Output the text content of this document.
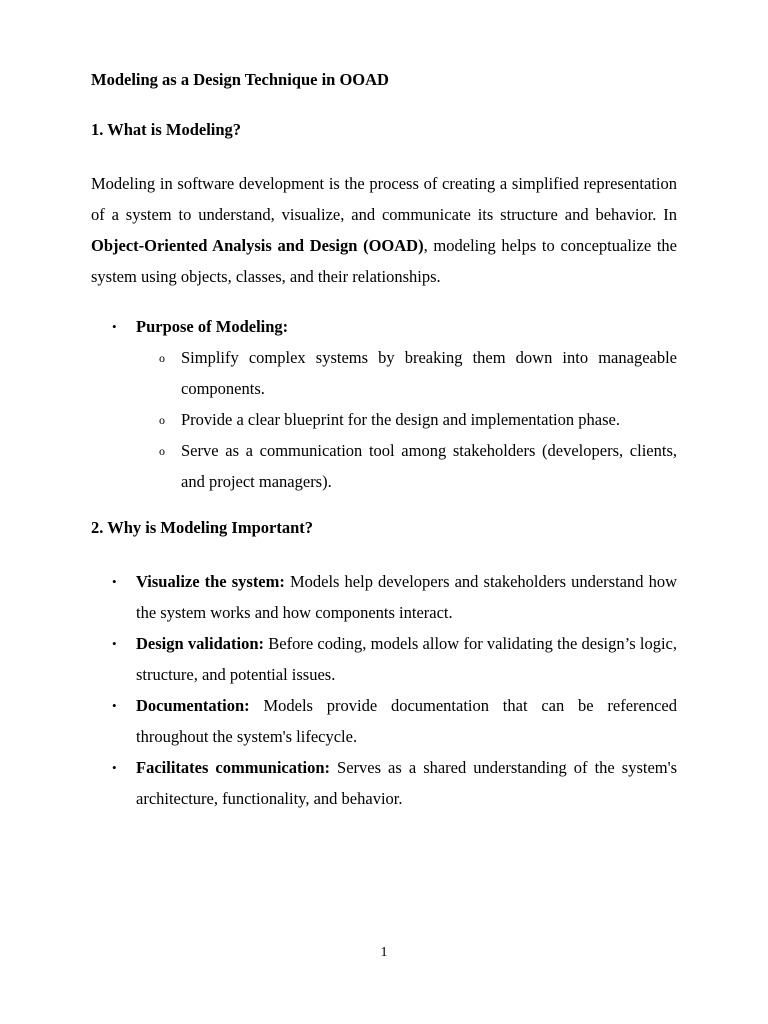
Modeling as a Design Technique in OOAD
1. What is Modeling?

Modeling in software development is the process of creating a simplified representation of a system to understand, visualize, and communicate its structure and behavior. In Object-Oriented Analysis and Design (OOAD), modeling helps to conceptualize the system using objects, classes, and their relationships.

• Purpose of Modeling:
o Simplify complex systems by breaking them down into manageable components.
o Provide a clear blueprint for the design and implementation phase.
o Serve as a communication tool among stakeholders (developers, clients, and project managers).
2. Why is Modeling Important?
• Visualize the system: Models help developers and stakeholders understand how the system works and how components interact.
• Design validation: Before coding, models allow for validating the design’s logic, structure, and potential issues.
• Documentation: Models provide documentation that can be referenced throughout the system's lifecycle.
• Facilitates communication: Serves as a shared understanding of the system's architecture, functionality, and behavior.
1
